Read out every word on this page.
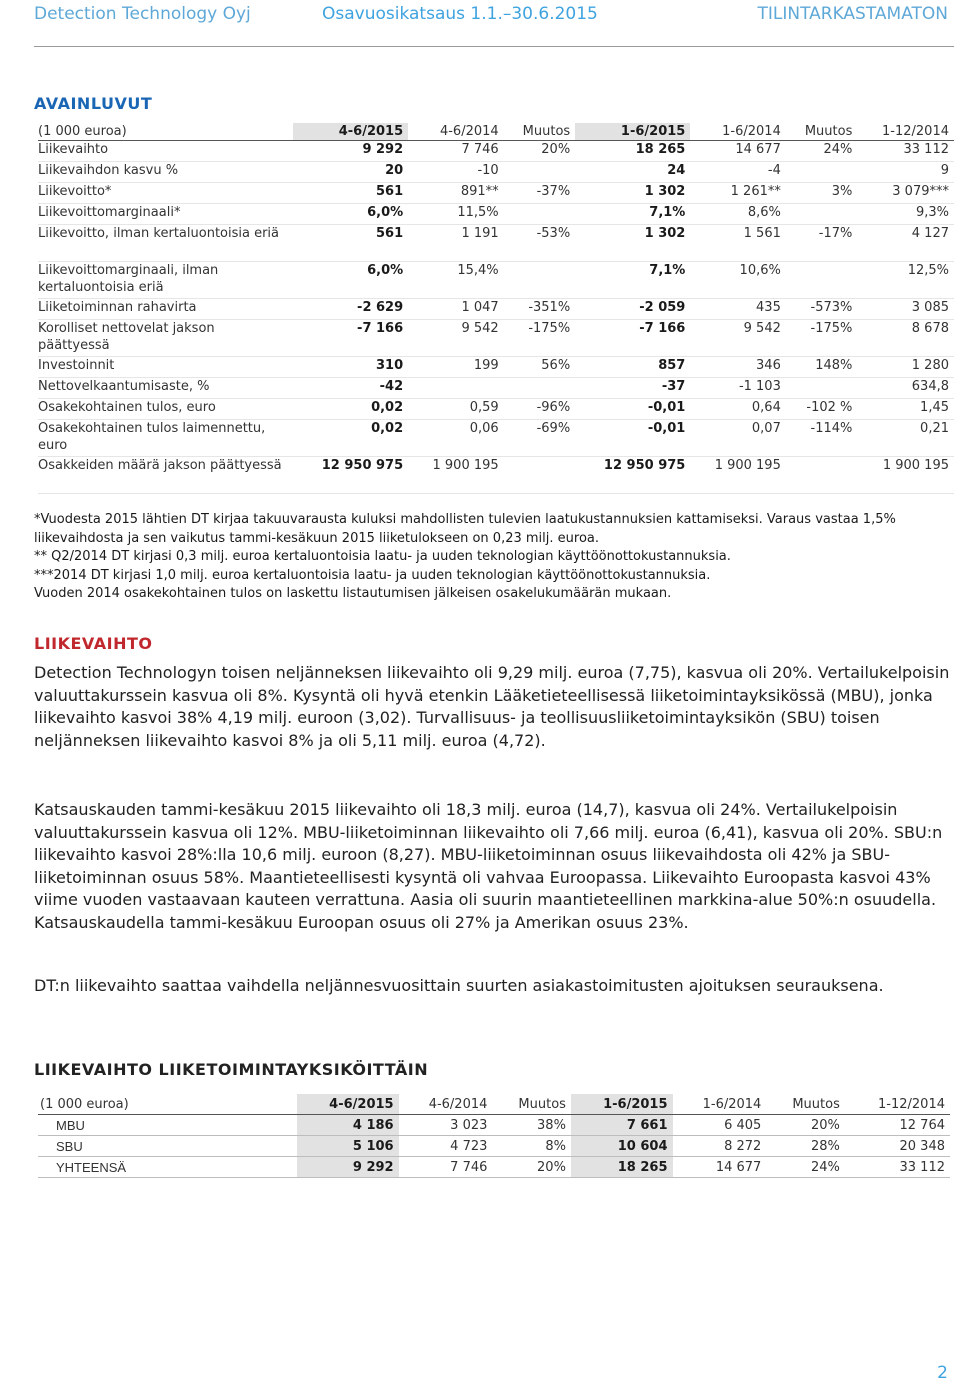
Detection Technology Oyj	Osavuosikatsaus 1.1.–30.6.2015	TILINTARKASTAMATON
AVAINLUVUT
(1 000 euroa)	4-6/2015	4-6/2014	Muutos	1-6/2015	1-6/2014	Muutos	1-12/2014
Liikevaihto	9 292	7 746	20%	18 265	14 677	24%	33 112
Liikevaihdon kasvu %	20	-10		24	-4		9
Liikevoitto*	561	891**	-37%	1 302	1 261**	3%	3 079***
Liikevoittomarginaali*	6,0%	11,5%		7,1%	8,6%		9,3%
Liikevoitto, ilman kertaluontoisia eriä	561	1 191	-53%	1 302	1 561	-17%	4 127
Liikevoittomarginaali, ilman kertaluontoisia eriä	6,0%	15,4%		7,1%	10,6%		12,5%
Liiketoiminnan rahavirta	-2 629	1 047	-351%	-2 059	435	-573%	3 085
Korolliset nettovelat jakson päättyessä	-7 166	9 542	-175%	-7 166	9 542	-175%	8 678
Investoinnit	310	199	56%	857	346	148%	1 280
Nettovelkaantumisaste, %	-42			-37	-1 103		634,8
Osakekohtainen tulos, euro	0,02	0,59	-96%	-0,01	0,64	-102 %	1,45
Osakekohtainen tulos laimennettu, euro	0,02	0,06	-69%	-0,01	0,07	-114%	0,21
Osakkeiden määrä jakson päättyessä	12 950 975	1 900 195		12 950 975	1 900 195		1 900 195
*Vuodesta 2015 lähtien DT kirjaa takuuvarausta kuluksi mahdollisten tulevien laatukustannuksien kattamiseksi. Varaus vastaa 1,5% liikevaihdosta ja sen vaikutus tammi-kesäkuun 2015 liiketulokseen on 0,23 milj. euroa.
** Q2/2014 DT kirjasi 0,3 milj. euroa kertaluontoisia laatu- ja uuden teknologian käyttöönottokustannuksia.
***2014 DT kirjasi 1,0 milj. euroa kertaluontoisia laatu- ja uuden teknologian käyttöönottokustannuksia.
Vuoden 2014 osakekohtainen tulos on laskettu listautumisen jälkeisen osakelukumäärän mukaan.
LIIKEVAIHTO
Detection Technologyn toisen neljänneksen liikevaihto oli 9,29 milj. euroa (7,75), kasvua oli 20%. Vertailukelpoisin valuuttakurssein kasvua oli 8%. Kysyntä oli hyvä etenkin Lääketieteellisessä liiketoimintayksikössä (MBU), jonka liikevaihto kasvoi 38% 4,19 milj. euroon (3,02). Turvallisuus- ja teollisuusliiketoimintayksikön (SBU) toisen neljänneksen liikevaihto kasvoi 8% ja oli 5,11 milj. euroa (4,72).
Katsauskauden tammi-kesäkuu 2015 liikevaihto oli 18,3 milj. euroa (14,7), kasvua oli 24%. Vertailukelpoisin valuuttakurssein kasvua oli 12%. MBU-liiketoiminnan liikevaihto oli 7,66 milj. euroa (6,41), kasvua oli 20%. SBU:n liikevaihto kasvoi 28%:lla 10,6 milj. euroon (8,27). MBU-liiketoiminnan osuus liikevaihdosta oli 42% ja SBU-liiketoiminnan osuus 58%. Maantieteellisesti kysyntä oli vahvaa Euroopassa. Liikevaihto Euroopasta kasvoi 43% viime vuoden vastaavaan kauteen verrattuna. Aasia oli suurin maantieteellinen markkina-alue 50%:n osuudella. Katsauskaudella tammi-kesäkuu Euroopan osuus oli 27% ja Amerikan osuus 23%.
DT:n liikevaihto saattaa vaihdella neljännesvuosittain suurten asiakastoimitusten ajoituksen seurauksena.
LIIKEVAIHTO LIIKETOIMINTAYKSIKÖITTÄIN
(1 000 euroa)	4-6/2015	4-6/2014	Muutos	1-6/2015	1-6/2014	Muutos	1-12/2014
MBU	4 186	3 023	38%	7 661	6 405	20%	12 764
SBU	5 106	4 723	8%	10 604	8 272	28%	20 348
YHTEENSÄ	9 292	7 746	20%	18 265	14 677	24%	33 112
2
